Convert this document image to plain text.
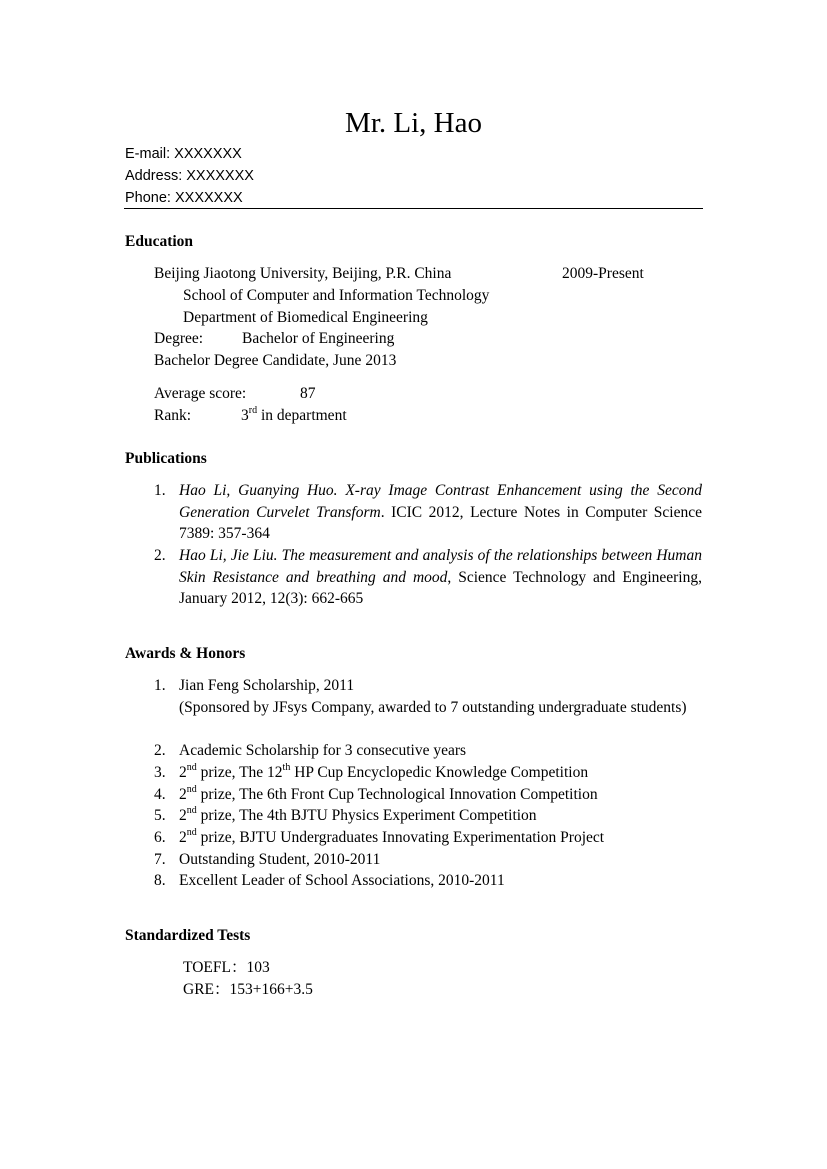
Mr. Li, Hao
E-mail: XXXXXXX
Address: XXXXXXX
Phone: XXXXXXX
Education
Beijing Jiaotong University, Beijing, P.R. China	2009-Present
School of Computer and Information Technology
Department of Biomedical Engineering
Degree:	Bachelor of Engineering
Bachelor Degree Candidate, June 2013
Average score:	87
Rank:	3rd in department
Publications
1. Hao Li, Guanying Huo. X-ray Image Contrast Enhancement using the Second Generation Curvelet Transform. ICIC 2012, Lecture Notes in Computer Science 7389: 357-364
2. Hao Li, Jie Liu. The measurement and analysis of the relationships between Human Skin Resistance and breathing and mood, Science Technology and Engineering, January 2012, 12(3): 662-665
Awards & Honors
1. Jian Feng Scholarship, 2011
(Sponsored by JFsys Company, awarded to 7 outstanding undergraduate students)
2. Academic Scholarship for 3 consecutive years
3. 2nd prize, The 12th HP Cup Encyclopedic Knowledge Competition
4. 2nd prize, The 6th Front Cup Technological Innovation Competition
5. 2nd prize, The 4th BJTU Physics Experiment Competition
6. 2nd prize, BJTU Undergraduates Innovating Experimentation Project
7. Outstanding Student, 2010-2011
8. Excellent Leader of School Associations, 2010-2011
Standardized Tests
TOEFL：103
GRE：153+166+3.5
